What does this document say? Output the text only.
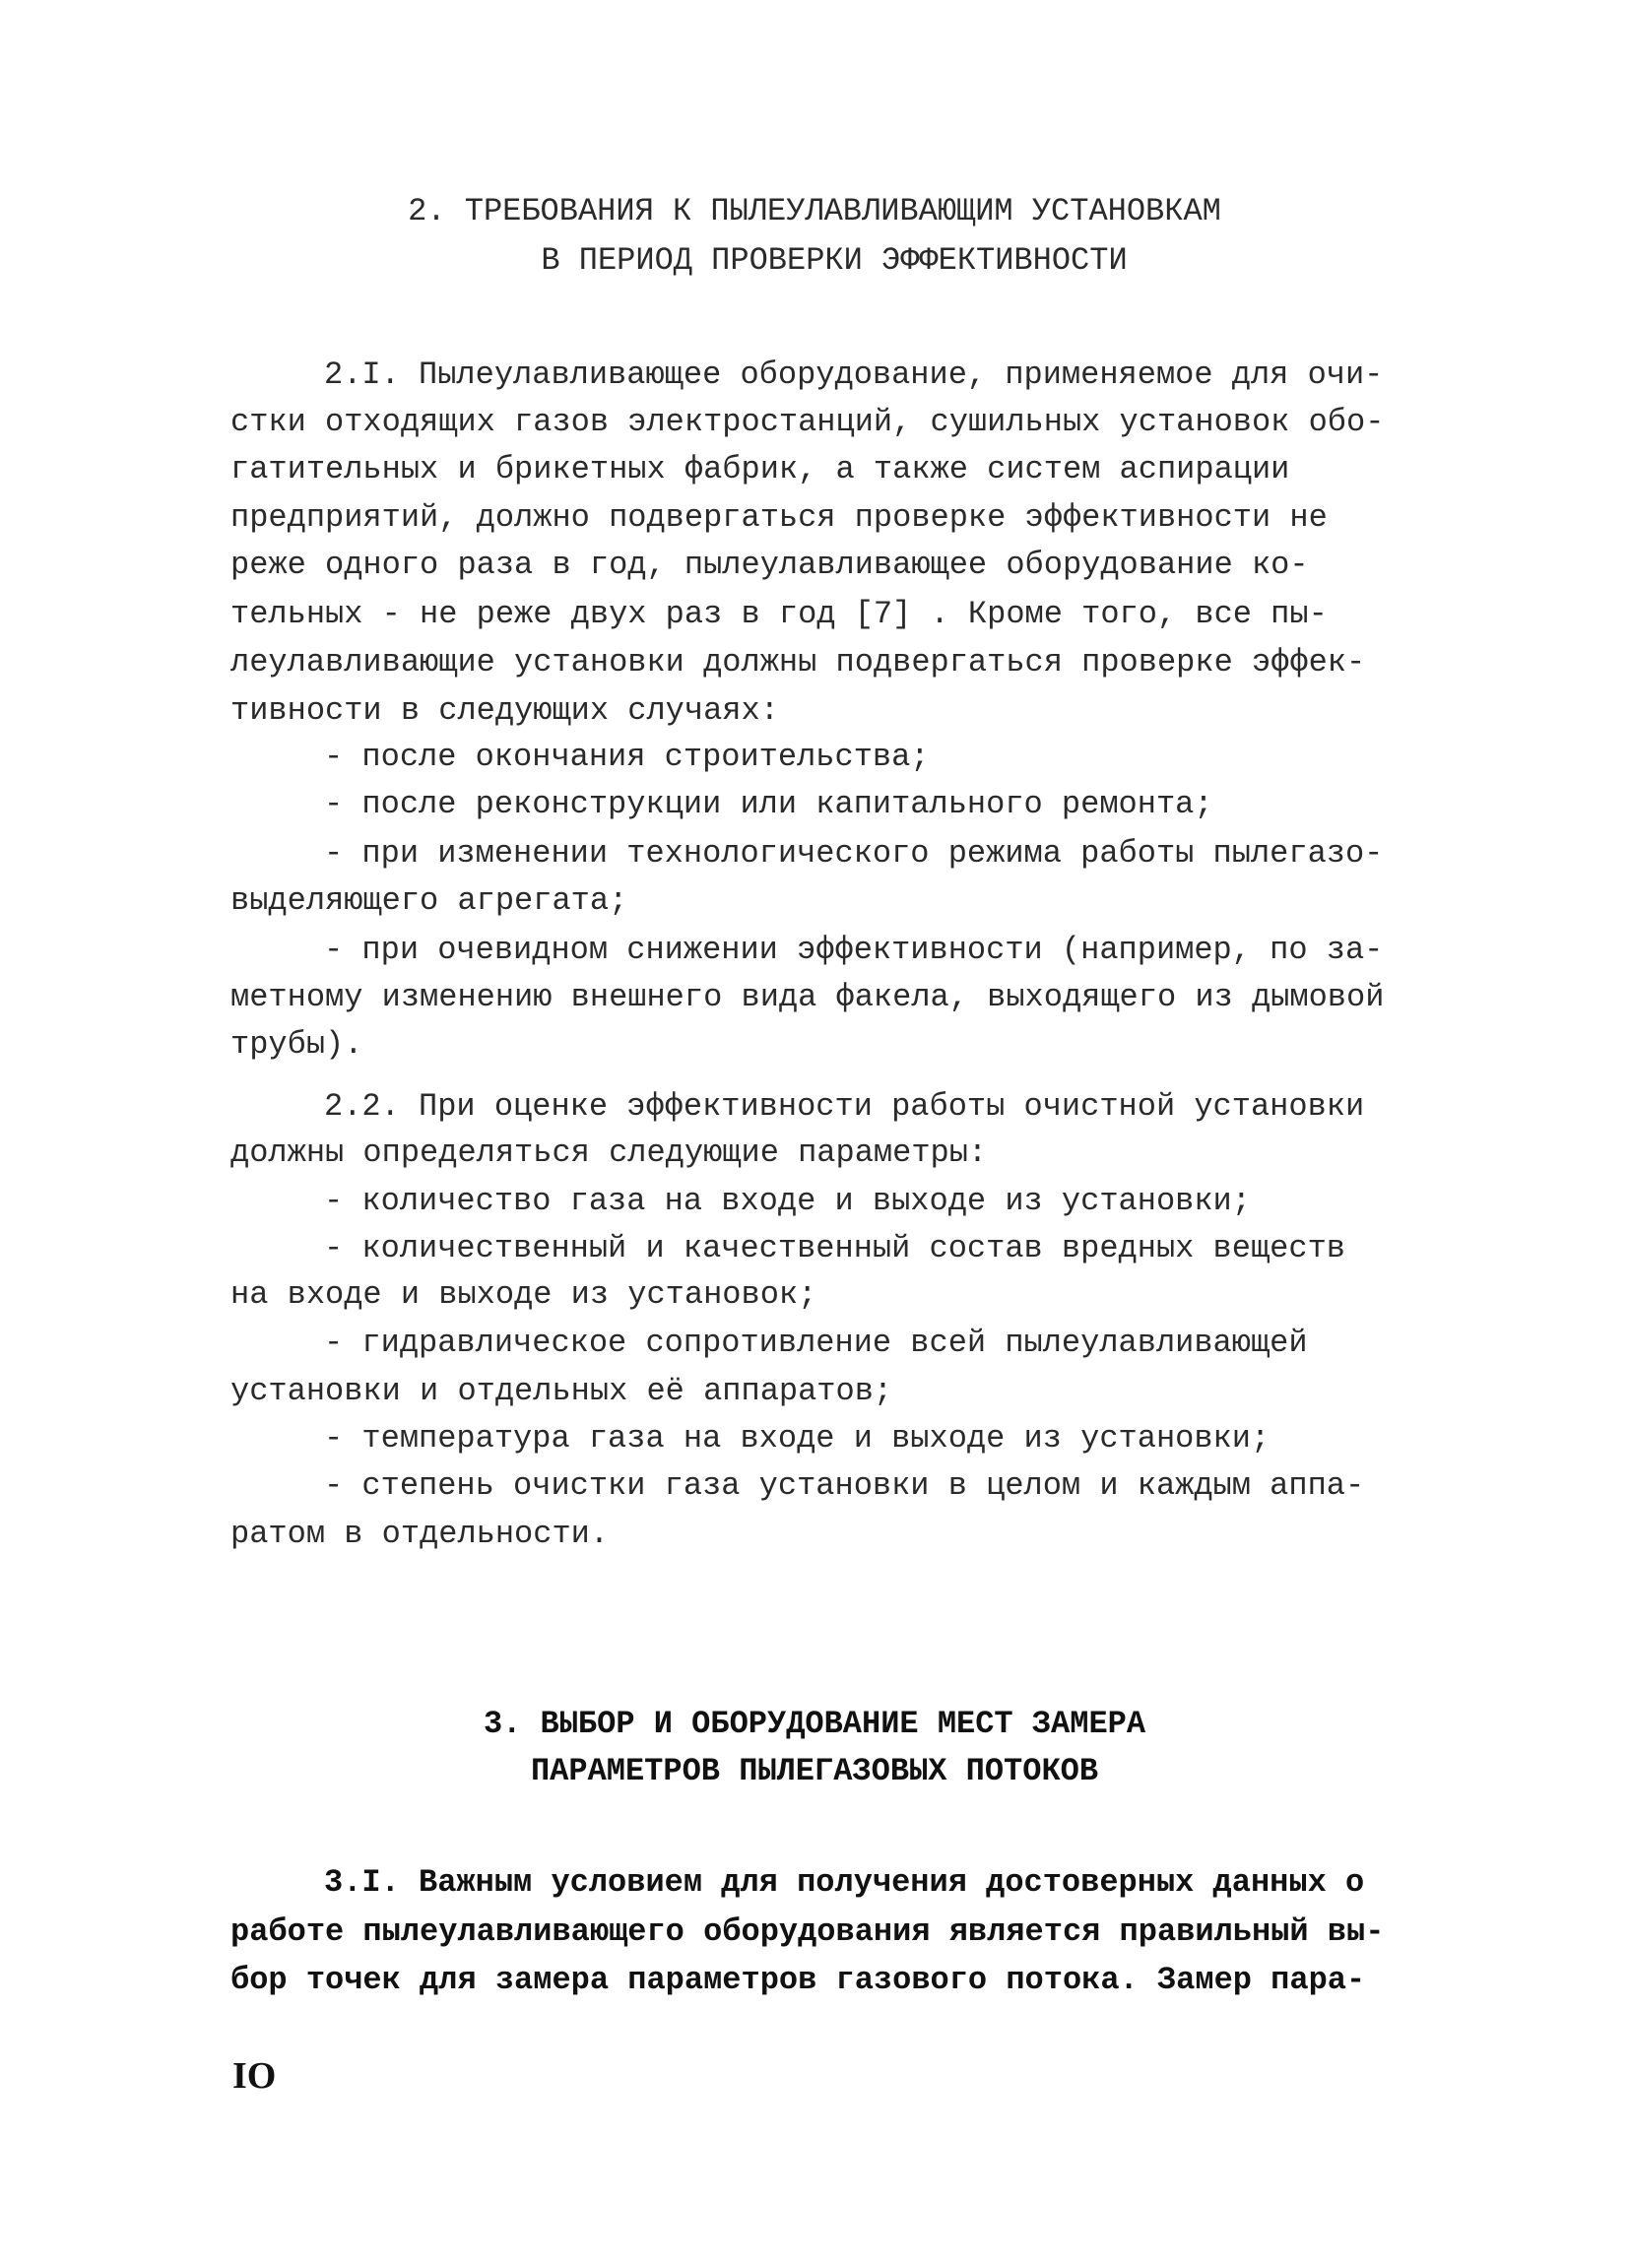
2. ТРЕБОВАНИЯ К ПЫЛЕУЛАВЛИВАЮЩИМ УСТАНОВКАМ
В ПЕРИОД ПРОВЕРКИ ЭФФЕКТИВНОСТИ
2.I. Пылеулавливающее оборудование, применяемое для очи-
стки отходящих газов электростанций, сушильных установок обо-
гатительных и брикетных фабрик, а также систем аспирации
предприятий, должно подвергаться проверке эффективности не
реже одного раза в год, пылеулавливающее оборудование ко-
тельных - не реже двух раз в год [7] . Кроме того, все пы-
леулавливающие установки должны подвергаться проверке эффек-
тивности в следующих случаях:
- после окончания строительства;
- после реконструкции или капитального ремонта;
- при изменении технологического режима работы пылегазо-
выделяющего агрегата;
- при очевидном снижении эффективности (например, по за-
метному изменению внешнего вида факела, выходящего из дымовой
трубы).
2.2. При оценке эффективности работы очистной установки
должны определяться следующие параметры:
- количество газа на входе и выходе из установки;
- количественный и качественный состав вредных веществ
на входе и выходе из установок;
- гидравлическое сопротивление всей пылеулавливающей
установки и отдельных её аппаратов;
- температура газа на входе и выходе из установки;
- степень очистки газа установки в целом и каждым аппа-
ратом в отдельности.
3. ВЫБОР И ОБОРУДОВАНИЕ МЕСТ ЗАМЕРА
ПАРАМЕТРОВ ПЫЛЕГАЗОВЫХ ПОТОКОВ
3.I. Важным условием для получения достоверных данных о
работе пылеулавливающего оборудования является правильный вы-
бор точек для замера параметров газового потока. Замер пара-
IO
